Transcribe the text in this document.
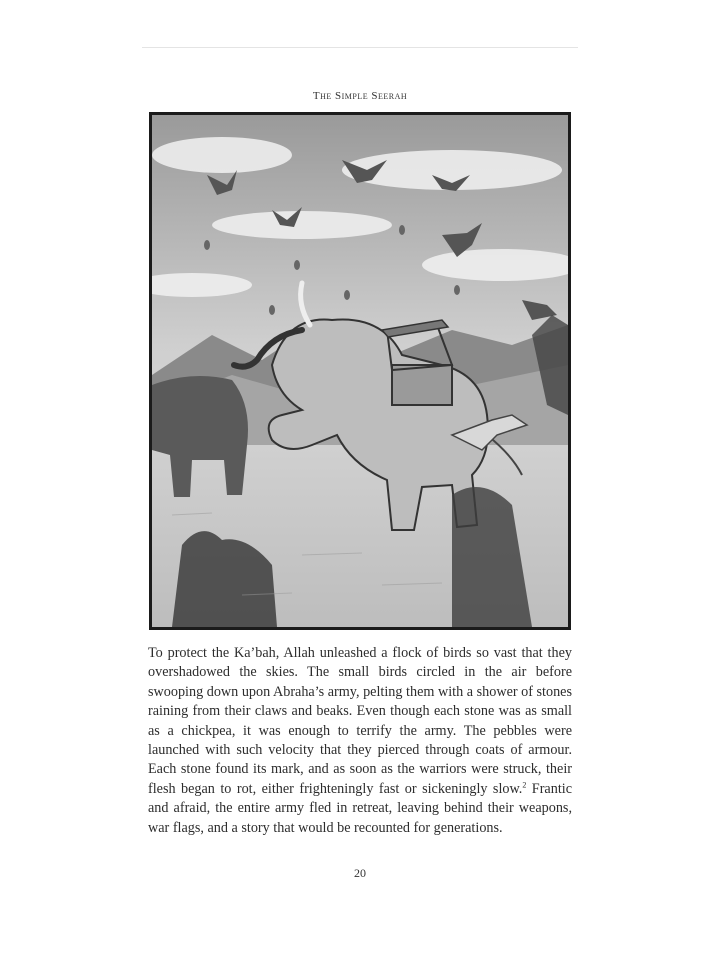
The Simple Seerah

To protect the Ka’bah, Allah unleashed a flock of birds so vast that they overshadowed the skies. The small birds circled in the air before swooping down upon Abraha’s army, pelting them with a shower of stones raining from their claws and beaks. Even though each stone was as small as a chickpea, it was enough to terrify the army. The pebbles were launched with such velocity that they pierced through coats of armour. Each stone found its mark, and as soon as the warriors were struck, their flesh began to rot, either frighteningly fast or sickeningly slow.$^2$ Frantic and afraid, the entire army fled in retreat, leaving behind their weapons, war flags, and a story that would be recounted for generations.

20
